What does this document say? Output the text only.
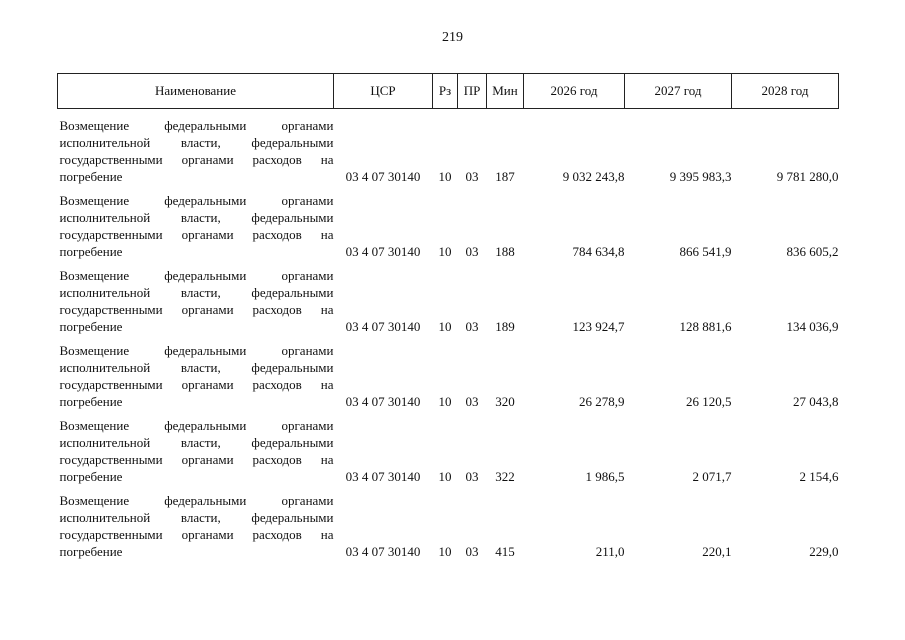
219
Наименование	ЦСР	Рз	ПР	Мин	2026 год	2027 год	2028 год
Возмещение федеральными органами исполнительной власти, федеральными государственными органами расходов на погребение	03 4 07 30140	10	03	187	9 032 243,8	9 395 983,3	9 781 280,0
Возмещение федеральными органами исполнительной власти, федеральными государственными органами расходов на погребение	03 4 07 30140	10	03	188	784 634,8	866 541,9	836 605,2
Возмещение федеральными органами исполнительной власти, федеральными государственными органами расходов на погребение	03 4 07 30140	10	03	189	123 924,7	128 881,6	134 036,9
Возмещение федеральными органами исполнительной власти, федеральными государственными органами расходов на погребение	03 4 07 30140	10	03	320	26 278,9	26 120,5	27 043,8
Возмещение федеральными органами исполнительной власти, федеральными государственными органами расходов на погребение	03 4 07 30140	10	03	322	1 986,5	2 071,7	2 154,6
Возмещение федеральными органами исполнительной власти, федеральными государственными органами расходов на погребение	03 4 07 30140	10	03	415	211,0	220,1	229,0
